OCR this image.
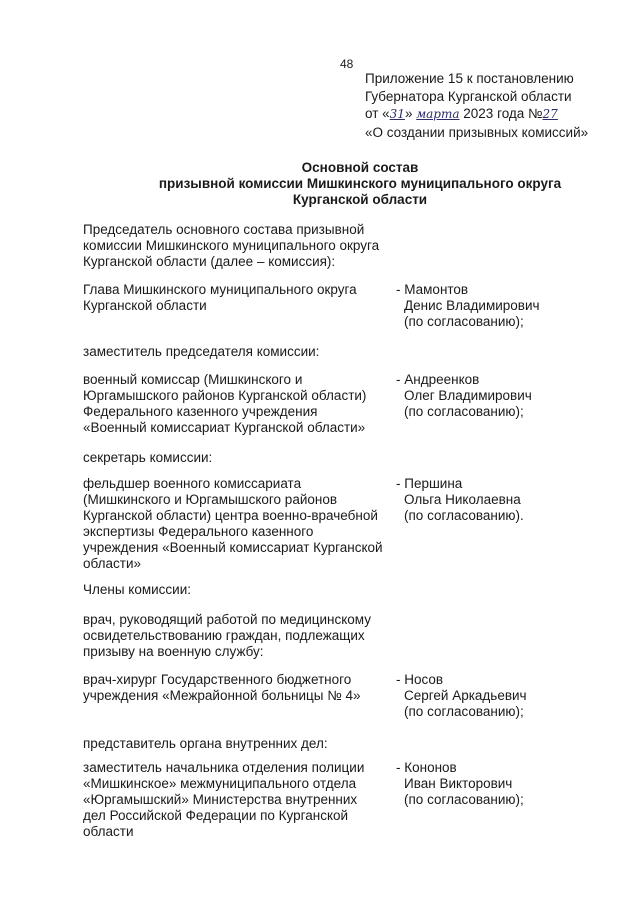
48
Приложение 15 к постановлению
Губернатора Курганской области
от «31» марта 2023 года №27
«О создании призывных комиссий»
Основной состав
призывной комиссии Мишкинского муниципального округа
Курганской области
Председатель основного состава призывной
комиссии Мишкинского муниципального округа
Курганской области (далее – комиссия):
Глава Мишкинского муниципального округа
Курганской области
- Мамонтов
Денис Владимирович
(по согласованию);
заместитель председателя комиссии:
военный комиссар (Мишкинского и
Юргамышского районов Курганской области)
Федерального казенного учреждения
«Военный комиссариат Курганской области»
- Андреенков
Олег Владимирович
(по согласованию);
секретарь комиссии:
фельдшер военного комиссариата
(Мишкинского и Юргамышского районов
Курганской области) центра военно-врачебной
экспертизы Федерального казенного
учреждения «Военный комиссариат Курганской
области»
- Першина
Ольга Николаевна
(по согласованию).
Члены комиссии:
врач, руководящий работой по медицинскому
освидетельствованию граждан, подлежащих
призыву на военную службу:
врач-хирург Государственного бюджетного
учреждения «Межрайонной больницы № 4»
- Носов
Сергей Аркадьевич
(по согласованию);
представитель органа внутренних дел:
заместитель начальника отделения полиции
«Мишкинское» межмуниципального отдела
«Юргамышский» Министерства внутренних
дел Российской Федерации по Курганской
области
- Кононов
Иван Викторович
(по согласованию);
